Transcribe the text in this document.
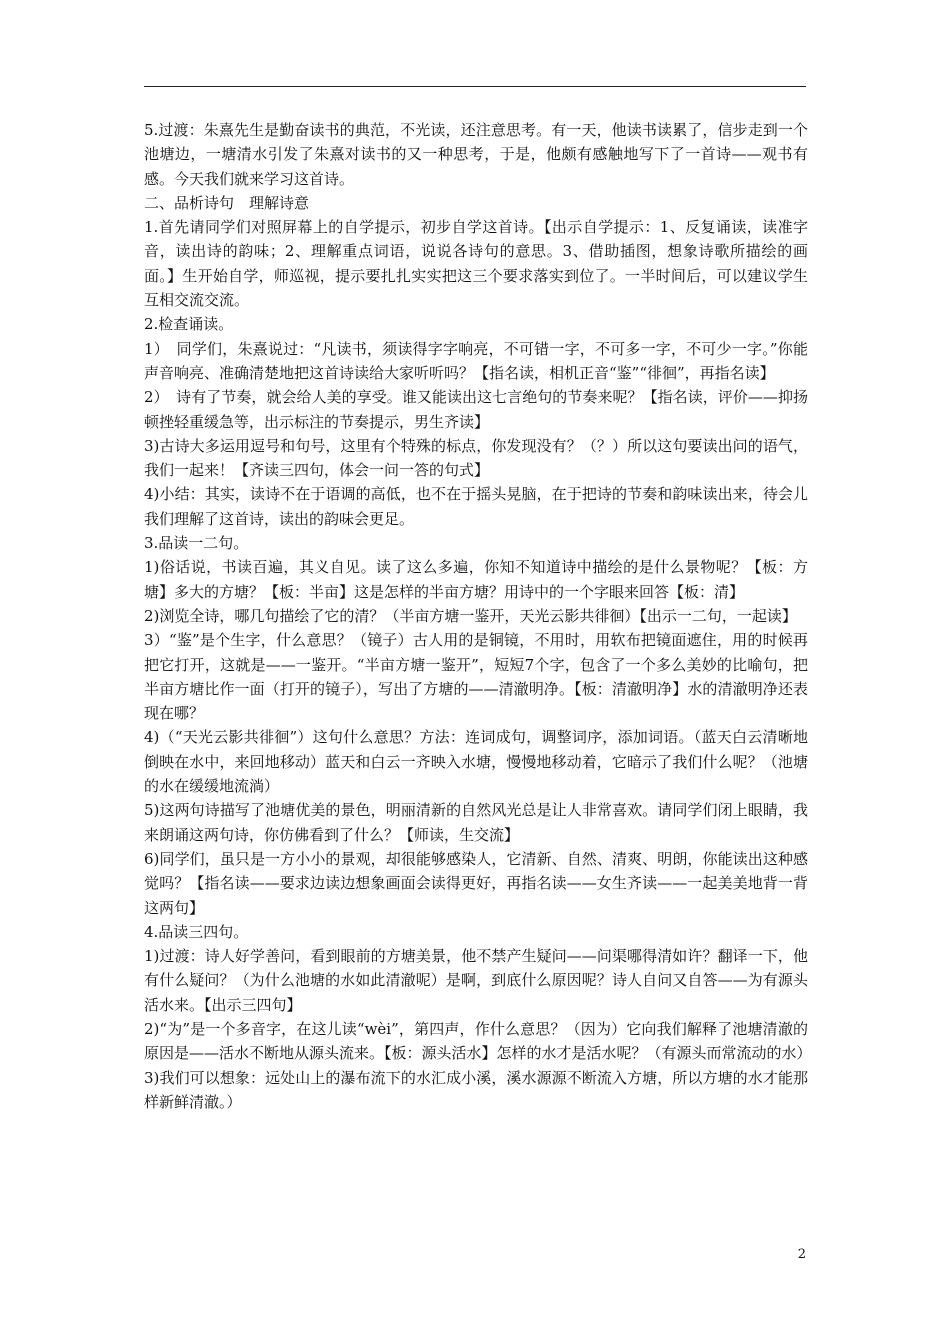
5.过渡：朱熹先生是勤奋读书的典范，不光读，还注意思考。有一天，他读书读累了，信步走到一个池塘边，一塘清水引发了朱熹对读书的又一种思考，于是，他颇有感触地写下了一首诗——观书有感。今天我们就来学习这首诗。

二、品析诗句　理解诗意

1.首先请同学们对照屏幕上的自学提示，初步自学这首诗。【出示自学提示：1、反复诵读，读准字音，读出诗的韵味；2、理解重点词语，说说各诗句的意思。3、借助插图，想象诗歌所描绘的画面。】生开始自学，师巡视，提示要扎扎实实把这三个要求落实到位了。一半时间后，可以建议学生互相交流交流。

2.检查诵读。

1）　同学们，朱熹说过：“凡读书，须读得字字响亮，不可错一字，不可多一字，不可少一字。”你能声音响亮、准确清楚地把这首诗读给大家听听吗？【指名读，相机正音“鉴”“徘徊”，再指名读】

2）　诗有了节奏，就会给人美的享受。谁又能读出这七言绝句的节奏来呢？【指名读，评价——抑扬顿挫轻重缓急等，出示标注的节奏提示，男生齐读】

3)古诗大多运用逗号和句号，这里有个特殊的标点，你发现没有？（？）所以这句要读出问的语气，我们一起来！【齐读三四句，体会一问一答的句式】

4)小结：其实，读诗不在于语调的高低，也不在于摇头晃脑，在于把诗的节奏和韵味读出来，待会儿我们理解了这首诗，读出的韵味会更足。

3.品读一二句。

1)俗话说，书读百遍，其义自见。读了这么多遍，你知不知道诗中描绘的是什么景物呢？【板：方塘】多大的方塘？【板：半亩】这是怎样的半亩方塘？用诗中的一个字眼来回答【板：清】

2)浏览全诗，哪几句描绘了它的清？（半亩方塘一鉴开，天光云影共徘徊）【出示一二句，一起读】

3）“鉴”是个生字，什么意思？（镜子）古人用的是铜镜，不用时，用软布把镜面遮住，用的时候再把它打开，这就是——一鉴开。“半亩方塘一鉴开”，短短7个字，包含了一个多么美妙的比喻句，把半亩方塘比作一面（打开的镜子），写出了方塘的——清澈明净。【板：清澈明净】水的清澈明净还表现在哪？

4)（“天光云影共徘徊”）这句什么意思？方法：连词成句，调整词序，添加词语。（蓝天白云清晰地倒映在水中，来回地移动）蓝天和白云一齐映入水塘，慢慢地移动着，它暗示了我们什么呢？（池塘的水在缓缓地流淌）

5)这两句诗描写了池塘优美的景色，明丽清新的自然风光总是让人非常喜欢。请同学们闭上眼睛，我来朗诵这两句诗，你仿佛看到了什么？【师读，生交流】

6)同学们，虽只是一方小小的景观，却很能够感染人，它清新、自然、清爽、明朗，你能读出这种感觉吗？【指名读——要求边读边想象画面会读得更好，再指名读——女生齐读——一起美美地背一背这两句】

4.品读三四句。

1)过渡：诗人好学善问，看到眼前的方塘美景，他不禁产生疑问——问渠哪得清如许？翻译一下，他有什么疑问？（为什么池塘的水如此清澈呢）是啊，到底什么原因呢？诗人自问又自答——为有源头活水来。【出示三四句】

2)“为”是一个多音字，在这儿读“wèi”，第四声，作什么意思？（因为）它向我们解释了池塘清澈的原因是——活水不断地从源头流来。【板：源头活水】怎样的水才是活水呢？（有源头而常流动的水）

3)我们可以想象：远处山上的瀑布流下的水汇成小溪，溪水源源不断流入方塘，所以方塘的水才能那样新鲜清澈。）

2
